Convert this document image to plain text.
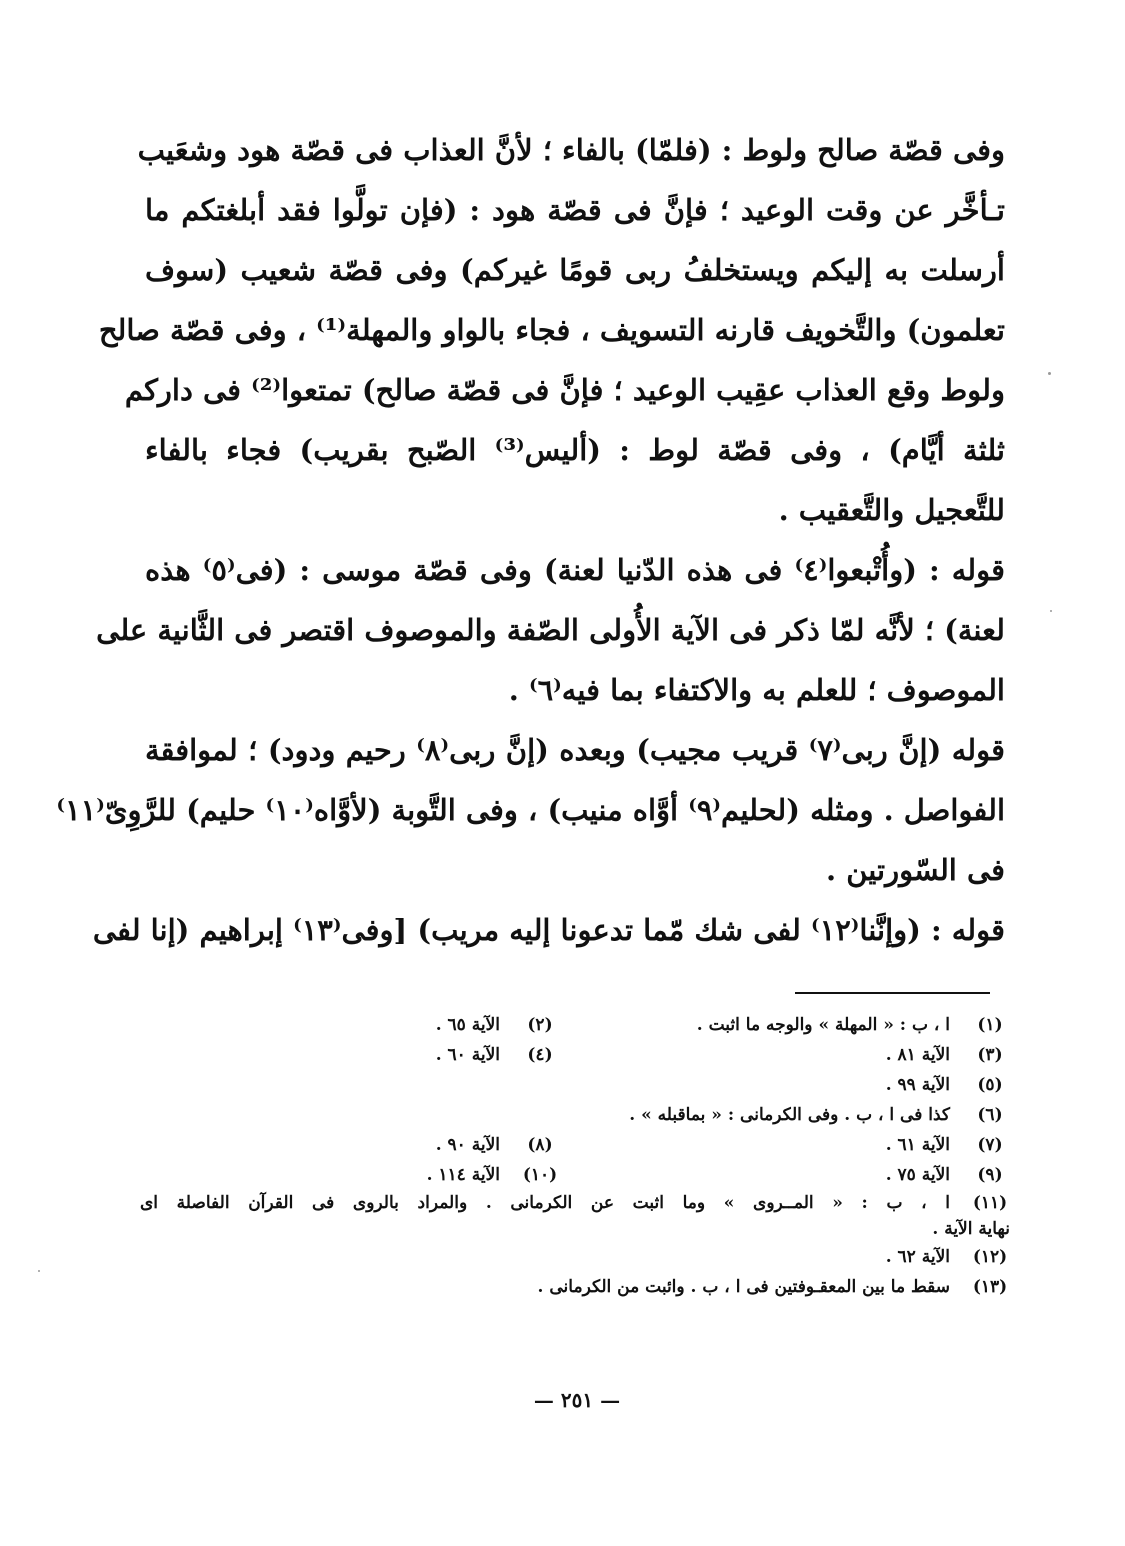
وفى قصّة صالح ولوط : (فلمّا) بالفاء ؛ لأنَّ العذاب فى قصّة هود وشعَيب
تـأخَّر عن وقت الوعيد ؛ فإنَّ فى قصّة هود : (فإن تولَّوا فقد أبلغتكم ما
أرسلت به إليكم ويستخلفُ ربى قومًا غيركم) وفى قصّة شعيب (سوف
تعلمون) والتَّخويف قارنه التسويف ، فجاء بالواو والمهلة⁽¹⁾ ، وفى قصّة صالح
ولوط وقع العذاب عقِيب الوعيد ؛ فإنَّ فى قصّة صالح) تمتعوا⁽²⁾ فى داركم
ثلثة أيَّام) ، وفى قصّة لوط : (أليس⁽³⁾ الصّبح بقريب) فجاء بالفاء
للتَّعجيل والتَّعقيب .
قوله : (وأُتْبعوا⁽٤⁾ فى هذه الدّنيا لعنة) وفى قصّة موسى : (فى⁽٥⁾ هذه
لعنة) ؛ لأنَّه لمّا ذكر فى الآية الأُولى الصّفة والموصوف اقتصر فى الثَّانية على
الموصوف ؛ للعلم به والاكتفاء بما فيه⁽٦⁾ .
قوله (إنَّ ربى⁽٧⁾ قريب مجيب) وبعده (إنَّ ربى⁽٨⁾ رحيم ودود) ؛ لموافقة
الفواصل . ومثله (لحليم⁽٩⁾ أوَّاه منيب) ، وفى التَّوبة (لأوَّاه⁽١٠⁾ حليم) للرَّوِىّ⁽١١⁾
فى السّورتين .
قوله : (وإنَّنا⁽١٢⁾ لفى شك مّما تدعونا إليه مريب) [وفى⁽١٣⁾ إبراهيم (إنا لفى
(١)
ا ، ب : « المهلة » والوجه ما اثبت .
(٢)
الآية ٦٥ .
(٣)
الآية ٨١ .
(٤)
الآية ٦٠ .
(٥)
الآية ٩٩ .
(٦)
كذا فى ا ، ب . وفى الكرمانى : « بماقبله » .
(٧)
الآية ٦١ .
(٨)
الآية ٩٠ .
(٩)
الآية ٧٥ .
(١٠)
الآية ١١٤ .
(١١)
ا ، ب : « المــروى » وما اثبت عن الكرمانى . والمراد بالروى فى القرآن الفاصلة اى
نهاية الآية .
(١٢)
الآية ٦٢ .
(١٣)
سقط ما بين المعقـوفتين فى ا ، ب . وائبت من الكرمانى .
— ٢٥١ —
